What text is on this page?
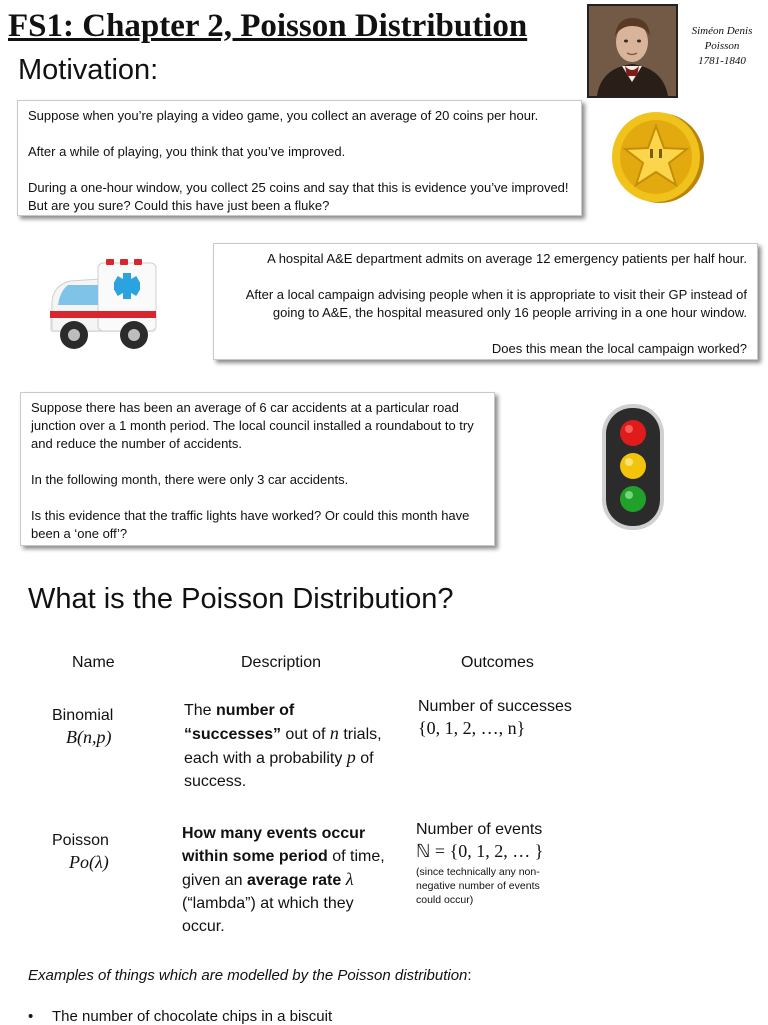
FS1: Chapter 2, Poisson Distribution
Motivation:
Siméon Denis
Poisson
1781-1840

Suppose when you’re playing a video game, you collect an average of 20 coins per hour.

After a while of playing, you think that you’ve improved.

During a one-hour window, you collect 25 coins and say that this is evidence you’ve improved! But are you sure? Could this have just been a fluke?

A hospital A&E department admits on average 12 emergency patients per half hour.

After a local campaign advising people when it is appropriate to visit their GP instead of going to A&E, the hospital measured only 16 people arriving in a one hour window.

Does this mean the local campaign worked?

Suppose there has been an average of 6 car accidents at a particular road junction over a 1 month period. The local council installed a roundabout to try and reduce the number of accidents.

In the following month, there were only 3 car accidents.

Is this evidence that the traffic lights have worked? Or could this month have been a ‘one off’?

What is the Poisson Distribution?
Name	Description	Outcomes
Binomial
B(n,p)
The number of “successes” out of n trials, each with a probability p of success.
Number of successes
{0, 1, 2, …, n}
Poisson
Po(λ)
How many events occur within some period of time, given an average rate λ (“lambda”) at which they occur.
Number of events
ℕ = {0, 1, 2, … }
(since technically any non-negative number of events could occur)
Examples of things which are modelled by the Poisson distribution:
• The number of chocolate chips in a biscuit
